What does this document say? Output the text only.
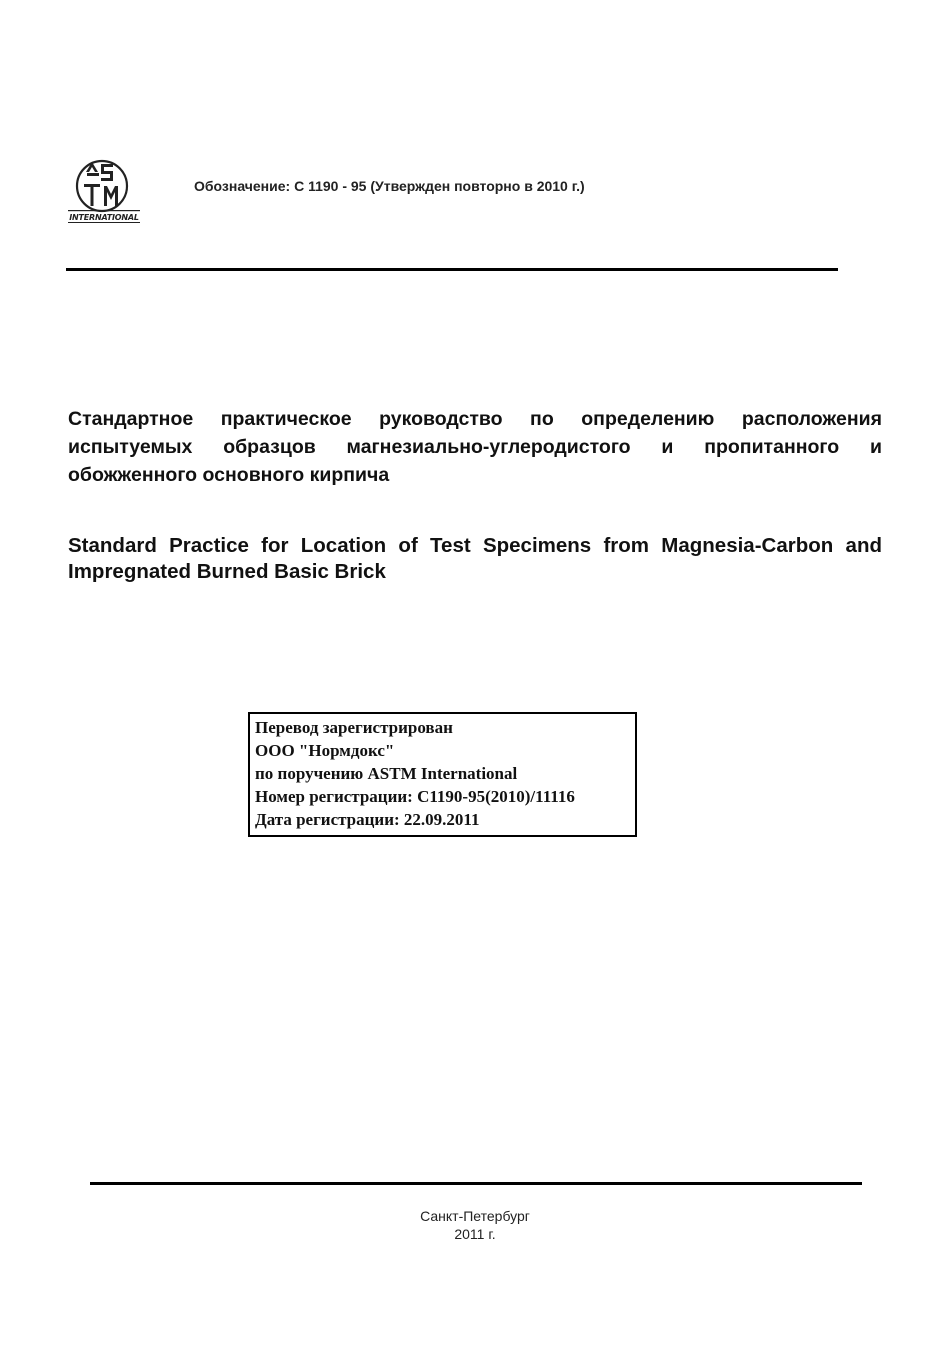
INTERNATIONAL
Обозначение: C 1190 - 95 (Утвержден повторно в 2010 г.)
Стандартное практическое руководство по определению расположения испытуемых образцов магнезиально-углеродистого и пропитанного и обожженного основного кирпича
Standard Practice for Location of Test Specimens from Magnesia-Carbon and Impregnated Burned Basic Brick
Перевод зарегистрирован
ООО "Нормдокс"
по поручению ASTM International
Номер регистрации: C1190-95(2010)/11116
Дата регистрации: 22.09.2011
Санкт-Петербург
2011 г.
